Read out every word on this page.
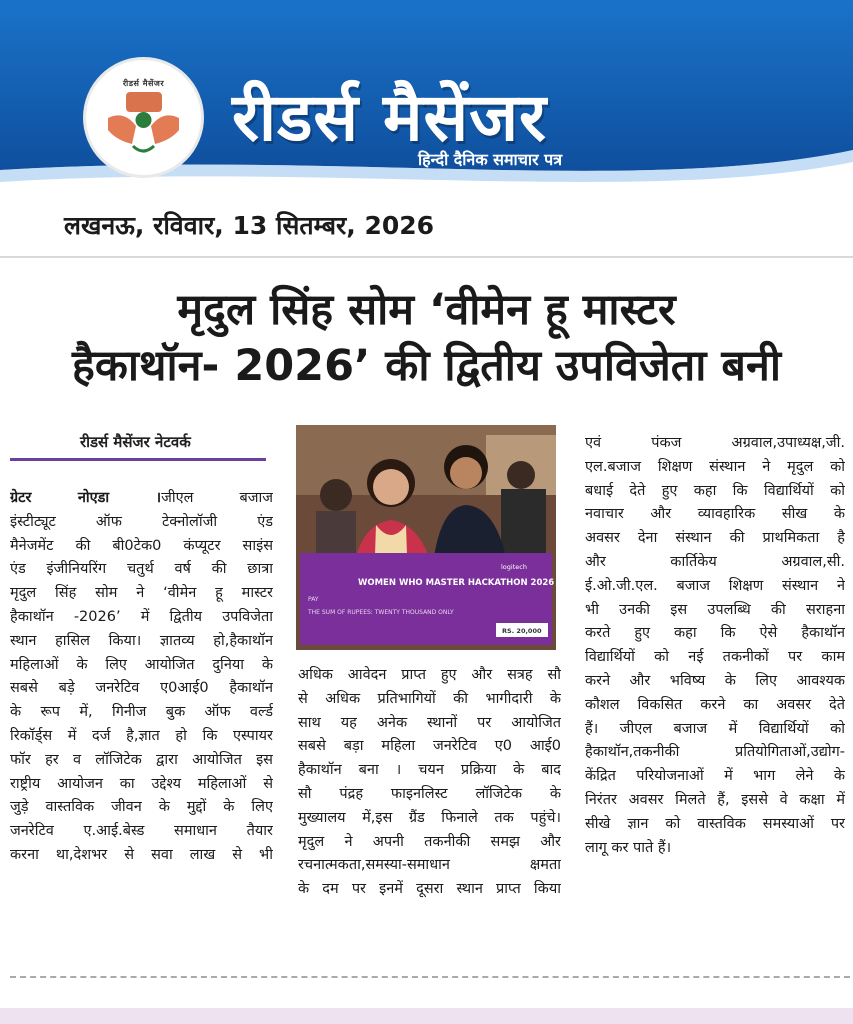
रीडर्स मैसेंजर	रीडर्स मैसेंजर
हिन्दी दैनिक समाचार पत्र
लखनऊ, रविवार, 13 सितम्बर, 2026
मृदुल सिंह सोम ‘वीमेन हू मास्टर
हैकाथॉन- 2026’ की द्वितीय उपविजेता बनी
रीडर्स मैसेंजर नेटवर्क
ग्रेटर नोएडा ।जीएल बजाज
इंस्टीट्यूट ऑफ टेक्नोलॉजी एंड
मैनेजमेंट की बी0टेक0 कंप्यूटर साइंस
एंड इंजीनियरिंग चतुर्थ वर्ष की छात्रा
मृदुल सिंह सोम ने ‘वीमेन हू मास्टर
हैकाथॉन -2026’ में द्वितीय उपविजेता
स्थान हासिल किया। ज्ञातव्य हो,हैकाथॉन
महिलाओं के लिए आयोजित दुनिया के
सबसे बड़े जनरेटिव ए0आई0 हैकाथॉन
के रूप में, गिनीज बुक ऑफ वर्ल्ड
रिकॉर्ड्स में दर्ज है,ज्ञात हो कि एस्पायर
फॉर हर व लॉजिटेक द्वारा आयोजित इस
राष्ट्रीय आयोजन का उद्देश्य महिलाओं से
जुड़े वास्तविक जीवन के मुद्दों के लिए
जनरेटिव ए.आई.बेस्ड समाधान तैयार
करना था,देशभर से सवा लाख से भी
WOMEN WHO MASTER HACKATHON 2026
PAY
THE SUM OF RUPEES: TWENTY THOUSAND ONLY
RS. 20,000
logitech
अधिक आवेदन प्राप्त हुए और सत्रह सौ
से अधिक प्रतिभागियों की भागीदारी के
साथ यह अनेक स्थानों पर आयोजित
सबसे बड़ा महिला जनरेटिव ए0 आई0
हैकाथॉन बना । चयन प्रक्रिया के बाद
सौ पंद्रह फाइनलिस्ट लॉजिटेक के
मुख्यालय में,इस ग्रैंड फिनाले तक पहुंचे।
मृदुल ने अपनी तकनीकी समझ और
रचनात्मकता,समस्या-समाधान क्षमता
के दम पर इनमें दूसरा स्थान प्राप्त किया
एवं पंकज अग्रवाल,उपाध्यक्ष,जी.
एल.बजाज शिक्षण संस्थान ने मृदुल को
बधाई देते हुए कहा कि विद्यार्थियों को
नवाचार और व्यावहारिक सीख के
अवसर देना संस्थान की प्राथमिकता है
और कार्तिकेय अग्रवाल,सी.
ई.ओ.जी.एल. बजाज शिक्षण संस्थान ने
भी उनकी इस उपलब्धि की सराहना
करते हुए कहा कि ऐसे हैकाथॉन
विद्यार्थियों को नई तकनीकों पर काम
करने और भविष्य के लिए आवश्यक
कौशल विकसित करने का अवसर देते
हैं। जीएल बजाज में विद्यार्थियों को
हैकाथॉन,तकनीकी प्रतियोगिताओं,उद्योग-
केंद्रित परियोजनाओं में भाग लेने के
निरंतर अवसर मिलते हैं, इससे वे कक्षा में
सीखे ज्ञान को वास्तविक समस्याओं पर
लागू कर पाते हैं।
